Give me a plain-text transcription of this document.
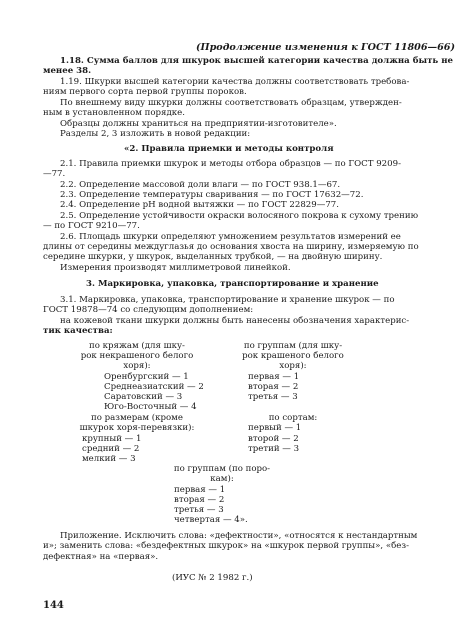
(Продолжение изменения к ГОСТ 11806—66)
1.18. Сумма баллов для шкурок высшей категории качества должна быть не
менее 38.
1.19. Шкурки высшей категории качества должны соответствовать требова-
ниям первого сорта первой группы пороков.
По внешнему виду шкурки должны соответствовать образцам, утвержден-
ным в установленном порядке.
Образцы должны храниться на предприятии-изготовителе».
Разделы 2, 3 изложить в новой редакции:
«2. Правила приемки и методы контроля
2.1. Правила приемки шкурок и методы отбора образцов — по ГОСТ 9209-
—77.
2.2. Определение массовой доли влаги — по ГОСТ 938.1—67.
2.3. Определение температуры сваривания — по ГОСТ 17632—72.
2.4. Определение рН водной вытяжки — по ГОСТ 22829—77.
2.5. Определение устойчивости окраски волосяного покрова к сухому трению
— по ГОСТ 9210—77.
2.6. Площадь шкурки определяют умножением результатов измерений ее
длины от середины междуглазья до основания хвоста на ширину, измеряемую по
середине шкурки, у шкурок, выделанных трубкой, — на двойную ширину.
Измерения производят миллиметровой линейкой.
3. Маркировка, упаковка, транспортирование и хранение
3.1. Маркировка, упаковка, транспортирование и хранение шкурок — по
ГОСТ 19878—74 со следующим дополнением:
на кожевой ткани шкурки должны быть нанесены обозначения характерис-
тик качества:
по кряжам (для шку-
рок некрашеного белого
хоря):
Оренбургский — 1
Среднеазиатский — 2
Саратовский — 3
Юго-Восточный — 4
по группам (для шку-
рок крашеного белого
хоря):
первая — 1
вторая — 2
третья — 3
по размерам (кроме
шкурок хоря-перевязки):
крупный — 1
средний — 2
мелкий — 3
по сортам:
первый — 1
второй — 2
третий — 3
по группам (по поро-
кам):
первая — 1
вторая — 2
третья — 3
четвертая — 4».
Приложение. Исключить слова: «дефектности», «относятся к нестандартным
и»; заменить слова: «бездефектных шкурок» на «шкурок первой группы», «без-
дефектная» на «первая».
(ИУС № 2 1982 г.)
144
